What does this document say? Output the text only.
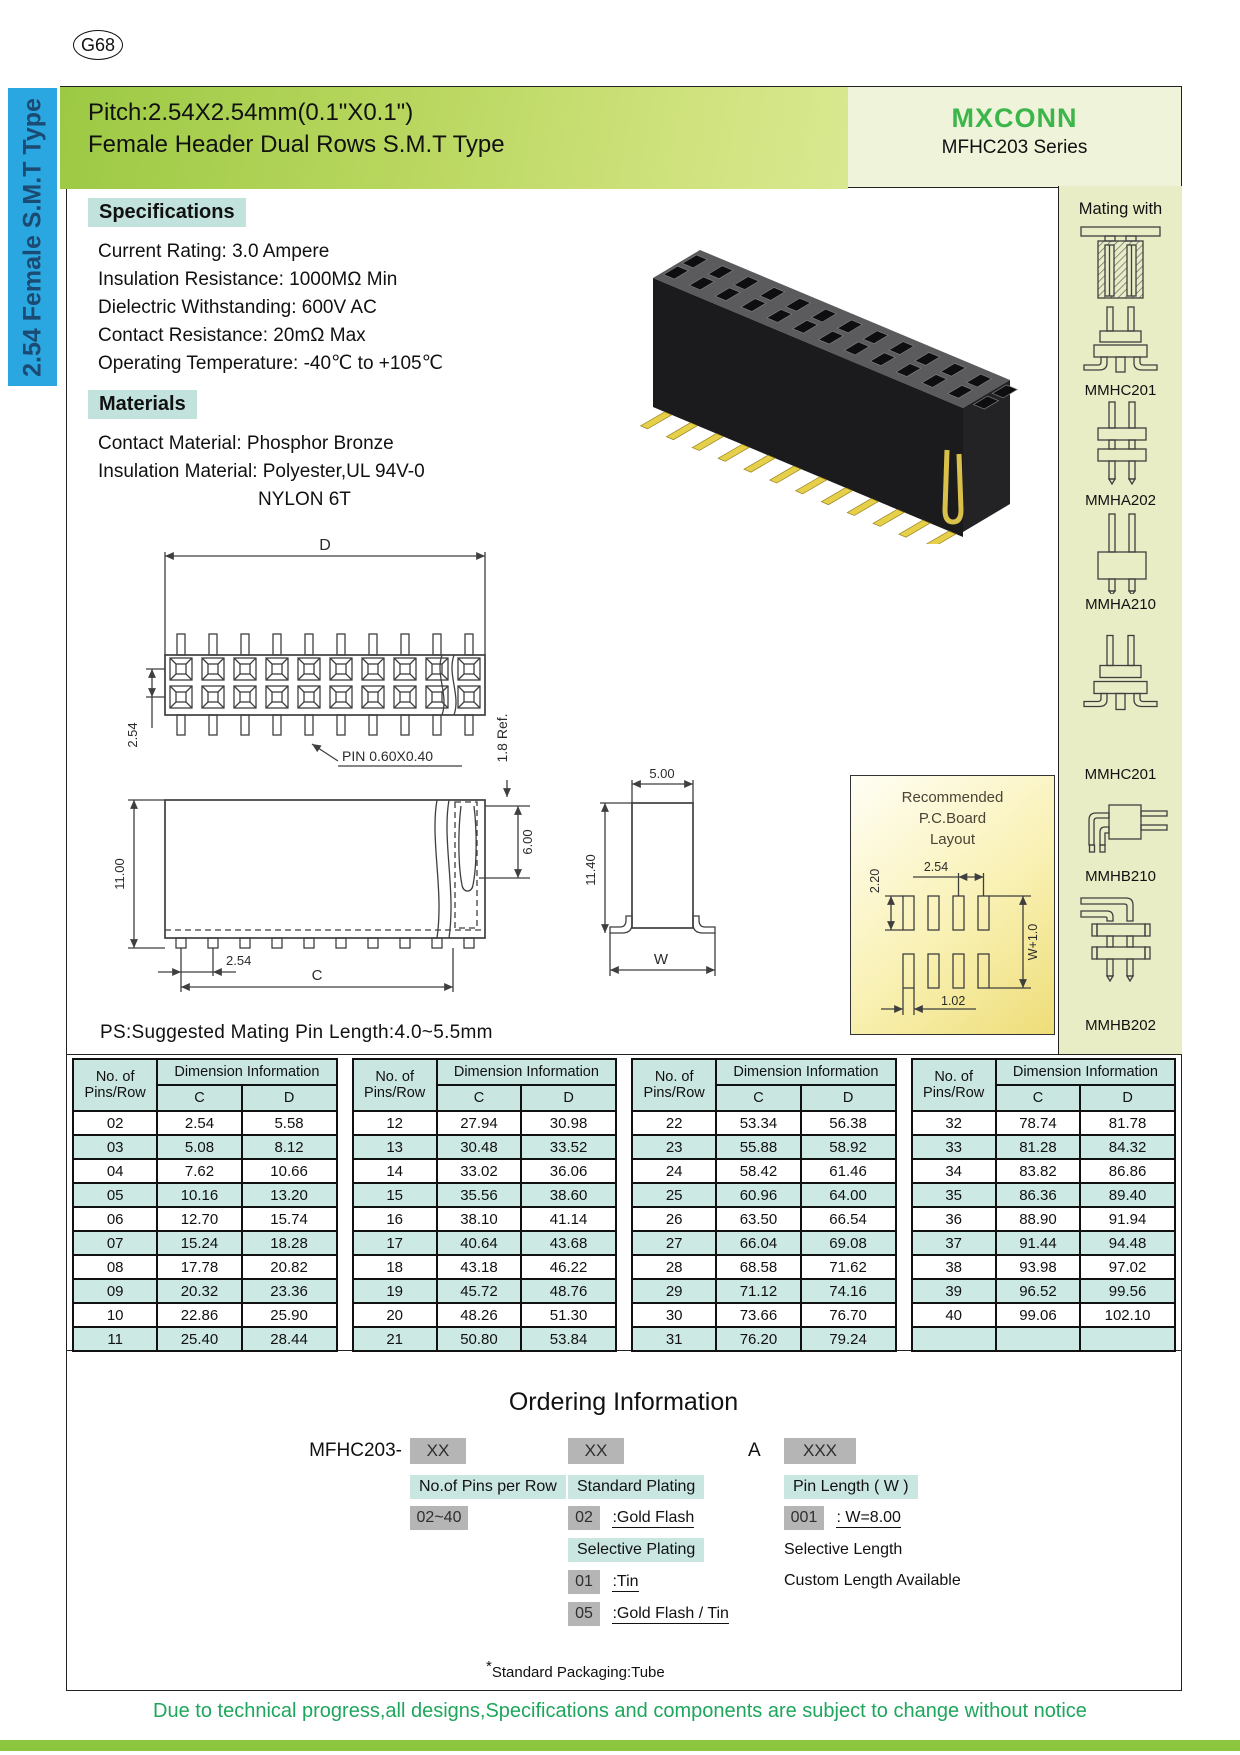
G68
2.54 Female S.M.T Type	Pitch:2.54X2.54mm(0.1"X0.1")
Female Header Dual Rows S.M.T Type
MXCONN
MFHC203 Series
Specifications
Current Rating: 3.0 Ampere
Insulation Resistance: 1000MΩ Min
Dielectric Withstanding: 600V AC
Contact Resistance: 20mΩ Max
Operating Temperature: -40℃ to +105℃
Materials
Contact Material: Phosphor Bronze
Insulation Material: Polyester,UL 94V-0
NYLON 6T
Mating with
MMHC201
MMHA202
MMHA210
MMHC201
MMHB210
MMHB202
D
2.54
PIN 0.60X0.40	1.8 Ref.
6.00
11.00
2.54
C
5.00
11.40
W
Recommended
P.C.Board
Layout
2.54
2.20
W+1.0
1.02
PS:Suggested Mating Pin Length:4.0~5.5mm
No. of
Pins/Row	Dimension Information	
	C	D
02	2.54	5.58
03	5.08	8.12
04	7.62	10.66
05	10.16	13.20
06	12.70	15.74
07	15.24	18.28
08	17.78	20.82
09	20.32	23.36
10	22.86	25.90
11	25.40	28.44
No. of
Pins/Row	Dimension Information	
	C	D
12	27.94	30.98
13	30.48	33.52
14	33.02	36.06
15	35.56	38.60
16	38.10	41.14
17	40.64	43.68
18	43.18	46.22
19	45.72	48.76
20	48.26	51.30
21	50.80	53.84
No. of
Pins/Row	Dimension Information	
	C	D
22	53.34	56.38
23	55.88	58.92
24	58.42	61.46
25	60.96	64.00
26	63.50	66.54
27	66.04	69.08
28	68.58	71.62
29	71.12	74.16
30	73.66	76.70
31	76.20	79.24
No. of
Pins/Row	Dimension Information	
	C	D
32	78.74	81.78
33	81.28	84.32
34	83.82	86.86
35	86.36	89.40
36	88.90	91.94
37	91.44	94.48
38	93.98	97.02
39	96.52	99.56
40	99.06	102.10

Ordering Information
MFHC203-	XX	XX	A	XXX
No.of Pins per Row
02~40
Standard Plating
02 :Gold Flash
Selective Plating
01 :Tin
05 :Gold Flash / Tin
Pin Length ( W )
001 : W=8.00
Selective Length
Custom Length Available
*Standard Packaging:Tube
Due to technical progress,all designs,Specifications and components are subject to change without notice
